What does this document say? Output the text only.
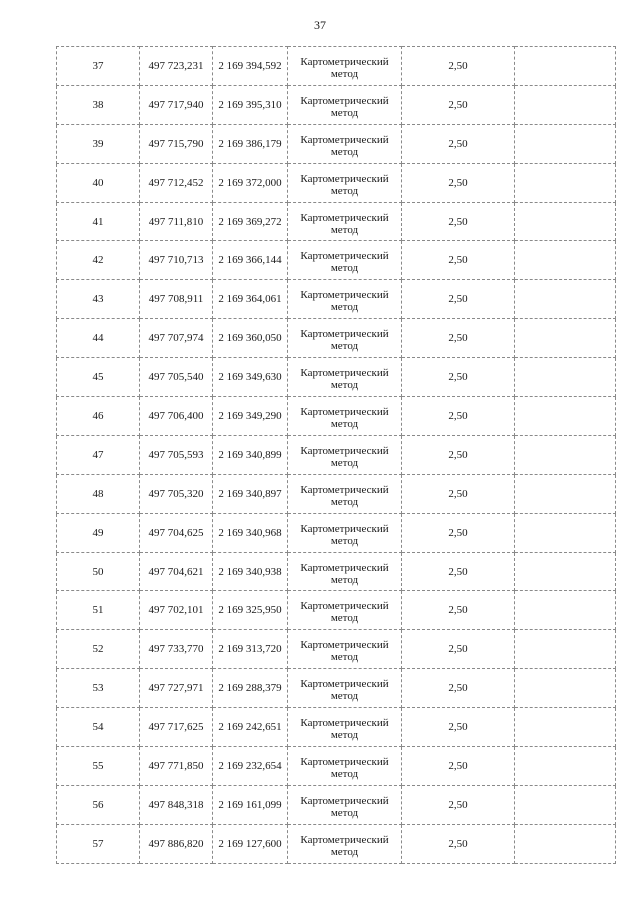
37
37	497 723,231	2 169 394,592	Картометрический метод	2,50	
38	497 717,940	2 169 395,310	Картометрический метод	2,50	
39	497 715,790	2 169 386,179	Картометрический метод	2,50	
40	497 712,452	2 169 372,000	Картометрический метод	2,50	
41	497 711,810	2 169 369,272	Картометрический метод	2,50	
42	497 710,713	2 169 366,144	Картометрический метод	2,50	
43	497 708,911	2 169 364,061	Картометрический метод	2,50	
44	497 707,974	2 169 360,050	Картометрический метод	2,50	
45	497 705,540	2 169 349,630	Картометрический метод	2,50	
46	497 706,400	2 169 349,290	Картометрический метод	2,50	
47	497 705,593	2 169 340,899	Картометрический метод	2,50	
48	497 705,320	2 169 340,897	Картометрический метод	2,50	
49	497 704,625	2 169 340,968	Картометрический метод	2,50	
50	497 704,621	2 169 340,938	Картометрический метод	2,50	
51	497 702,101	2 169 325,950	Картометрический метод	2,50	
52	497 733,770	2 169 313,720	Картометрический метод	2,50	
53	497 727,971	2 169 288,379	Картометрический метод	2,50	
54	497 717,625	2 169 242,651	Картометрический метод	2,50	
55	497 771,850	2 169 232,654	Картометрический метод	2,50	
56	497 848,318	2 169 161,099	Картометрический метод	2,50	
57	497 886,820	2 169 127,600	Картометрический метод	2,50	
